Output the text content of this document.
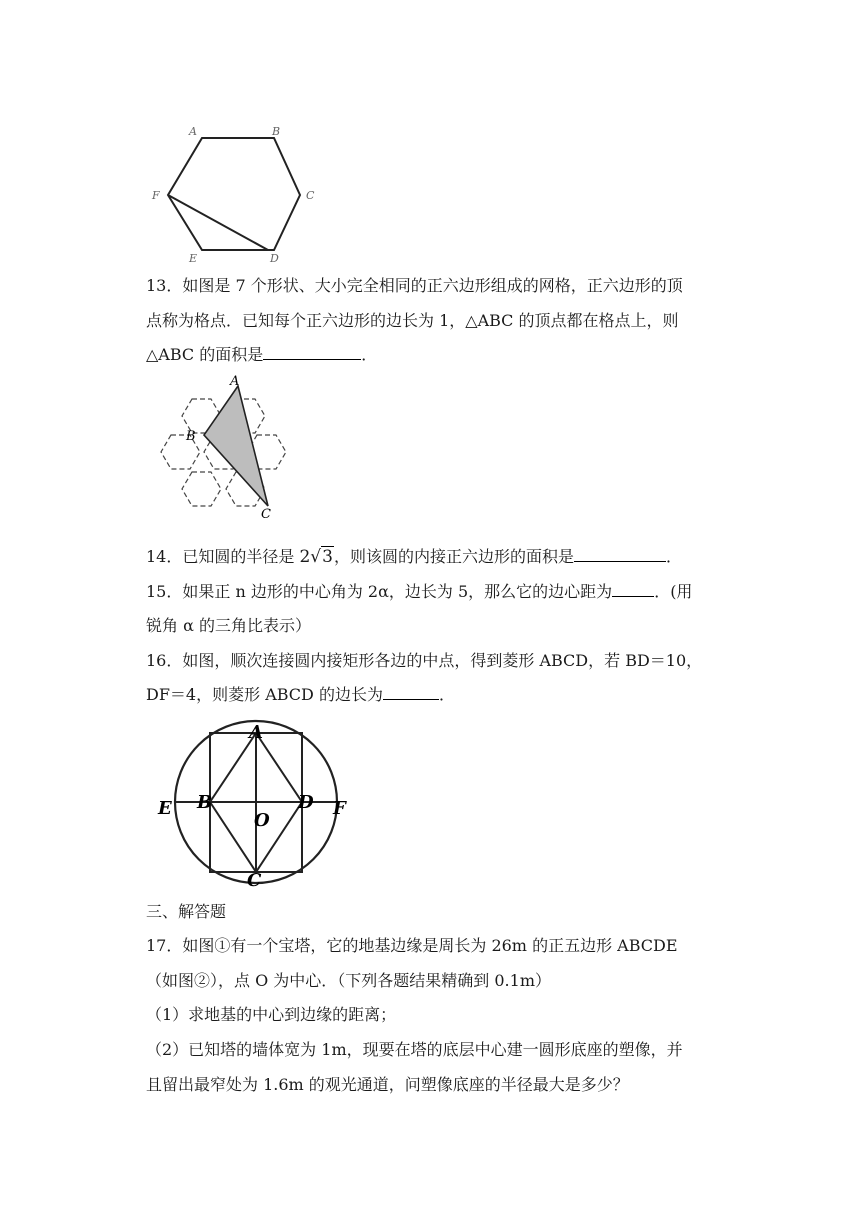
A	B
C
D
E
F
13．如图是 7 个形状、大小完全相同的正六边形组成的网格，正六边形的顶
点称为格点．已知每个正六边形的边长为 1，△ABC 的顶点都在格点上，则
△ABC 的面积是	．
A
B
C
14．已知圆的半径是 2√3，则该圆的内接正六边形的面积是	．
15．如果正 n 边形的中心角为 2α，边长为 5，那么它的边心距为	．(用
锐角 α 的三角比表示）
16．如图，顺次连接圆内接矩形各边的中点，得到菱形 ABCD，若 BD＝10，
DF＝4，则菱形 ABCD 的边长为	．
A
B
C
D
E	F
O
三、解答题
17．如图①有一个宝塔，它的地基边缘是周长为 26m 的正五边形 ABCDE
（如图②），点 O 为中心．（下列各题结果精确到 0.1m）
（1）求地基的中心到边缘的距离；
（2）已知塔的墙体宽为 1m，现要在塔的底层中心建一圆形底座的塑像，并
且留出最窄处为 1.6m 的观光通道，问塑像底座的半径最大是多少？
